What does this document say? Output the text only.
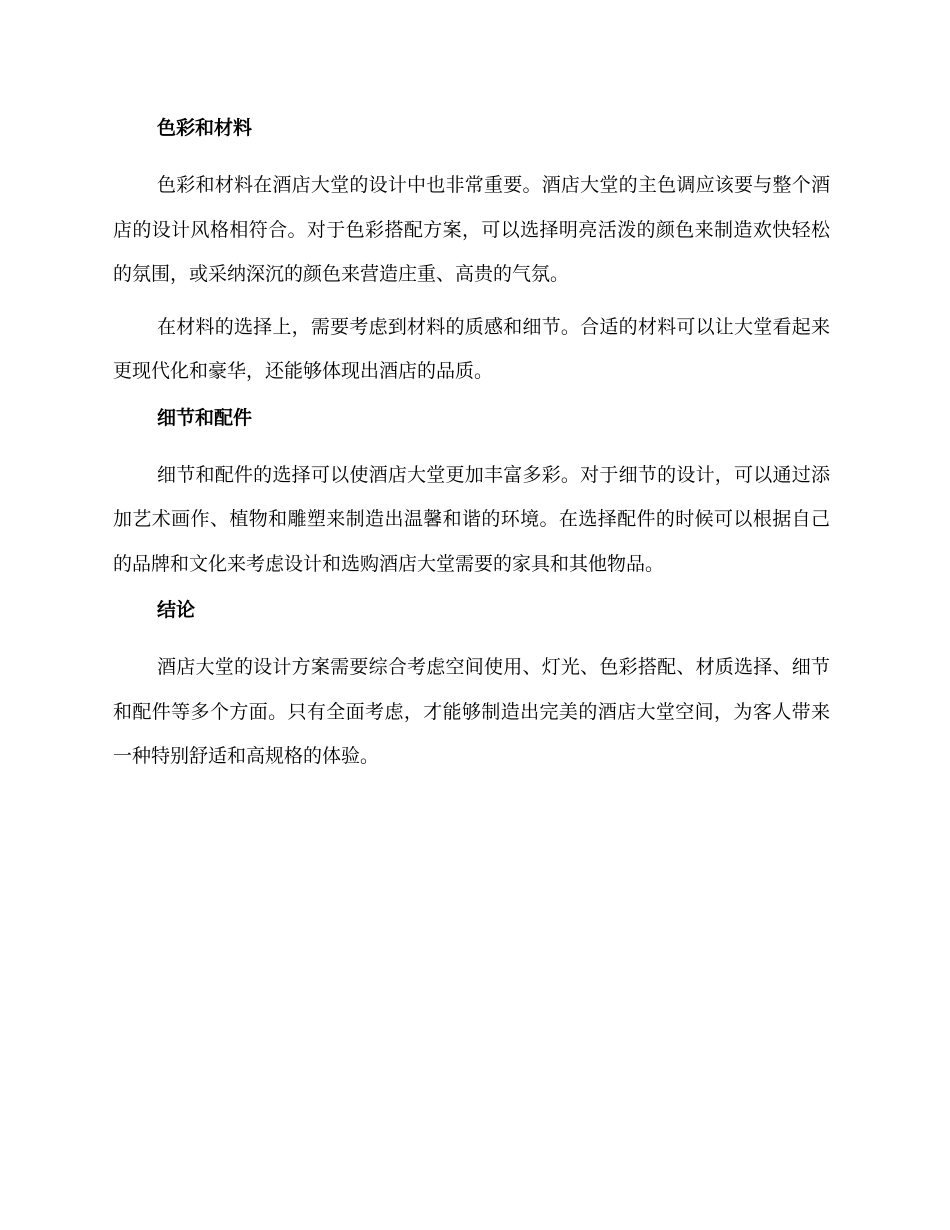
色彩和材料

色彩和材料在酒店大堂的设计中也非常重要。酒店大堂的主色调应该要与整个酒店的设计风格相符合。对于色彩搭配方案，可以选择明亮活泼的颜色来制造欢快轻松的氛围，或采纳深沉的颜色来营造庄重、高贵的气氛。

在材料的选择上，需要考虑到材料的质感和细节。合适的材料可以让大堂看起来更现代化和豪华，还能够体现出酒店的品质。

细节和配件

细节和配件的选择可以使酒店大堂更加丰富多彩。对于细节的设计，可以通过添加艺术画作、植物和雕塑来制造出温馨和谐的环境。在选择配件的时候可以根据自己的品牌和文化来考虑设计和选购酒店大堂需要的家具和其他物品。

结论

酒店大堂的设计方案需要综合考虑空间使用、灯光、色彩搭配、材质选择、细节和配件等多个方面。只有全面考虑，才能够制造出完美的酒店大堂空间，为客人带来一种特别舒适和高规格的体验。
